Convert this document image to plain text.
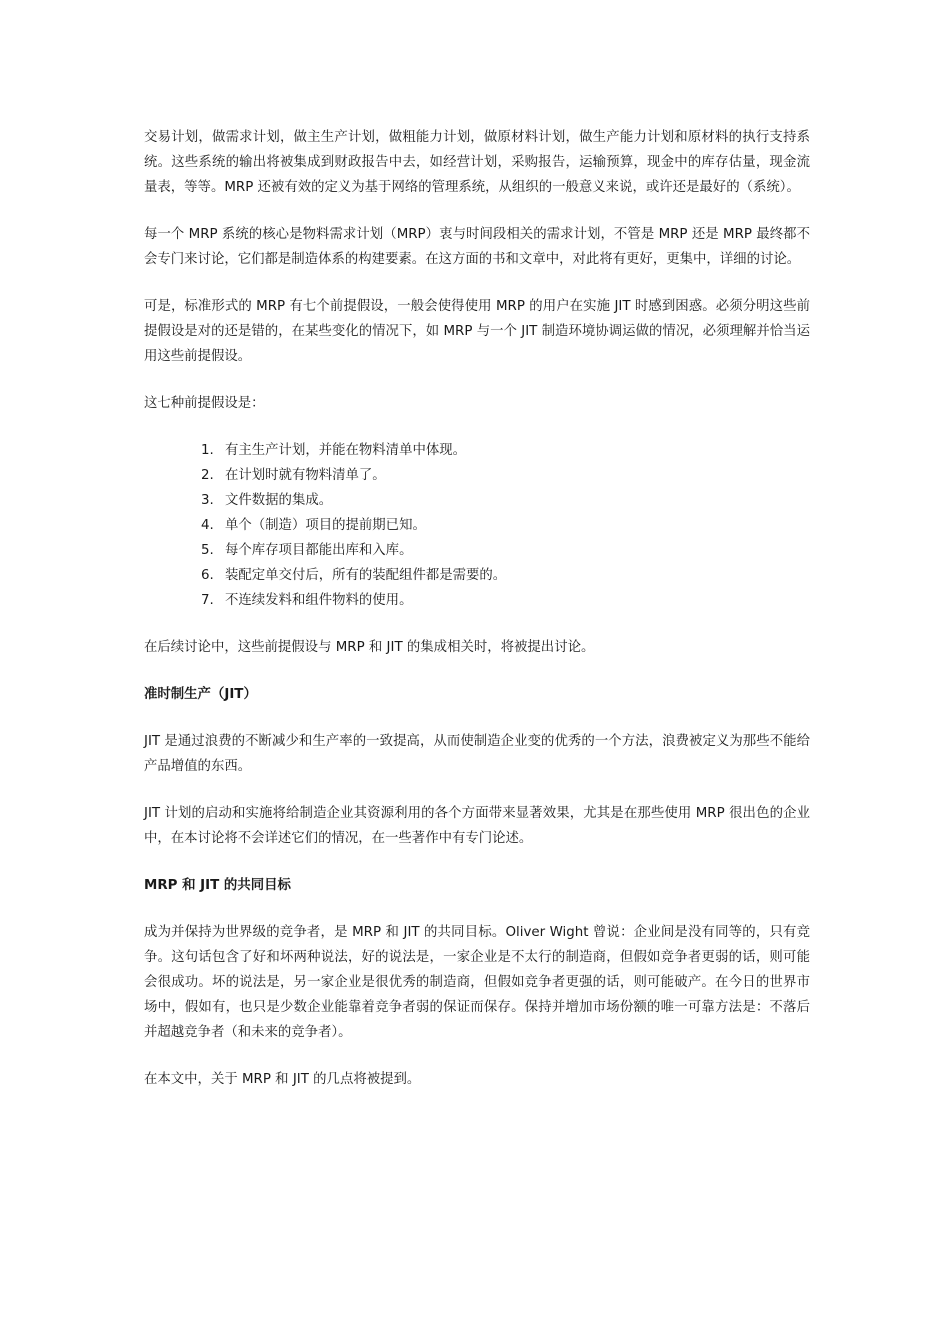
交易计划，做需求计划，做主生产计划，做粗能力计划，做原材料计划，做生产能力计划和原材料的执行支持系统。这些系统的输出将被集成到财政报告中去，如经营计划，采购报告，运输预算，现金中的库存估量，现金流量表，等等。MRP 还被有效的定义为基于网络的管理系统，从组织的一般意义来说，或许还是最好的（系统）。

每一个 MRP 系统的核心是物料需求计划（MRP）衷与时间段相关的需求计划，不管是 MRP 还是 MRP 最终都不会专门来讨论，它们都是制造体系的构建要素。在这方面的书和文章中，对此将有更好，更集中，详细的讨论。

可是，标准形式的 MRP 有七个前提假设，一般会使得使用 MRP 的用户在实施 JIT 时感到困惑。必须分明这些前提假设是对的还是错的，在某些变化的情况下，如 MRP 与一个 JIT 制造环境协调运做的情况，必须理解并恰当运用这些前提假设。

这七种前提假设是：

1. 有主生产计划，并能在物料清单中体现。
2. 在计划时就有物料清单了。
3. 文件数据的集成。
4. 单个（制造）项目的提前期已知。
5. 每个库存项目都能出库和入库。
6. 装配定单交付后，所有的装配组件都是需要的。
7. 不连续发料和组件物料的使用。

在后续讨论中，这些前提假设与 MRP 和 JIT 的集成相关时，将被提出讨论。

准时制生产（JIT）

JIT 是通过浪费的不断减少和生产率的一致提高，从而使制造企业变的优秀的一个方法，浪费被定义为那些不能给产品增值的东西。

JIT 计划的启动和实施将给制造企业其资源利用的各个方面带来显著效果，尤其是在那些使用 MRP 很出色的企业中，在本讨论将不会详述它们的情况，在一些著作中有专门论述。

MRP 和 JIT 的共同目标

成为并保持为世界级的竞争者，是 MRP 和 JIT 的共同目标。Oliver Wight 曾说：企业间是没有同等的，只有竞争。这句话包含了好和坏两种说法，好的说法是，一家企业是不太行的制造商，但假如竞争者更弱的话，则可能会很成功。坏的说法是，另一家企业是很优秀的制造商，但假如竞争者更强的话，则可能破产。在今日的世界市场中，假如有，也只是少数企业能靠着竞争者弱的保证而保存。保持并增加市场份额的唯一可靠方法是：不落后并超越竞争者（和未来的竞争者）。

在本文中，关于 MRP 和 JIT 的几点将被提到。
